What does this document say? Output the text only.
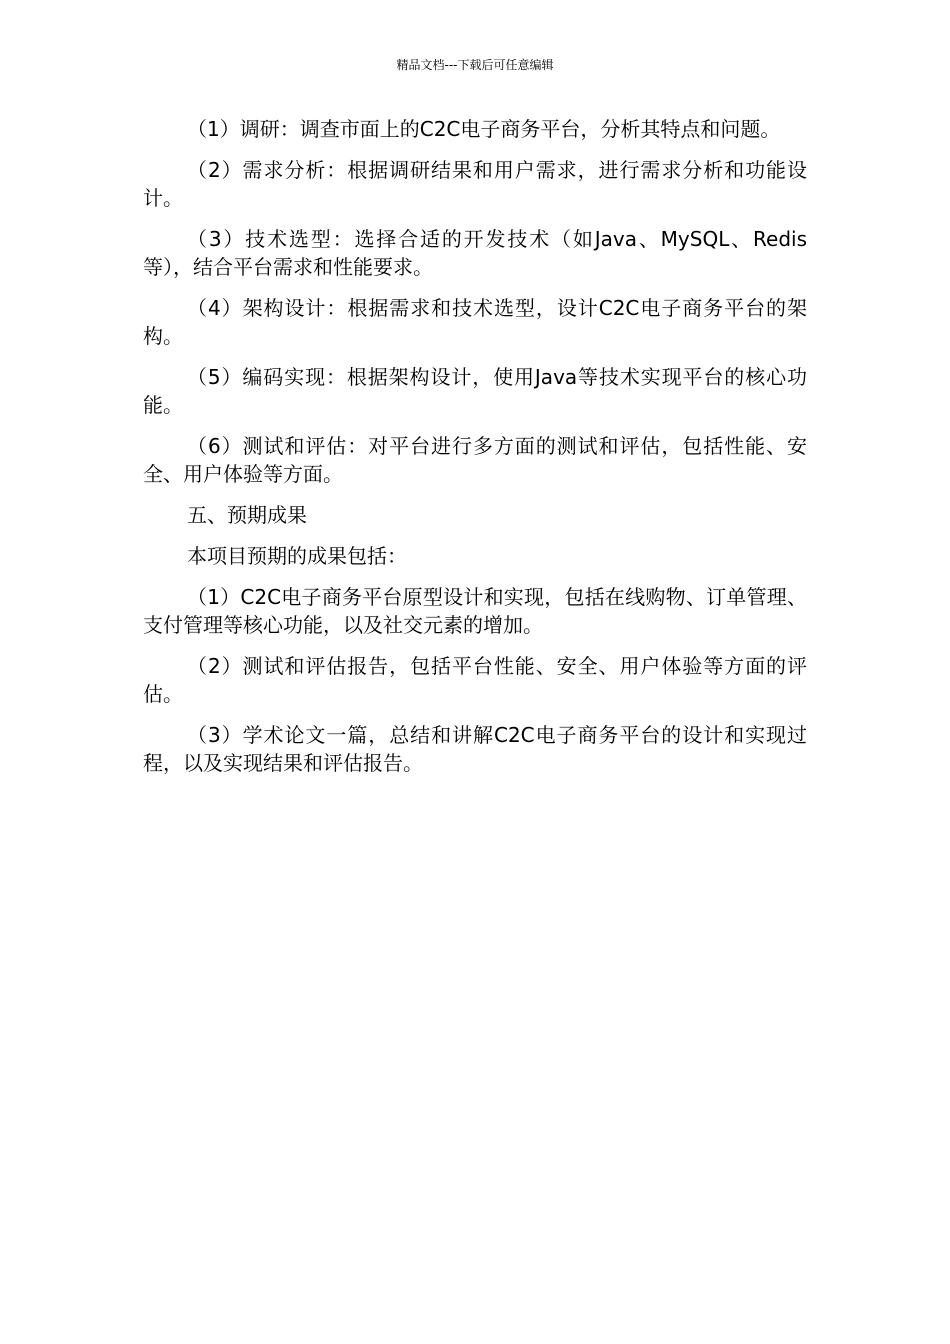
精品文档---下载后可任意编辑

（1）调研：调查市面上的C2C电子商务平台，分析其特点和问题。

（2）需求分析：根据调研结果和用户需求，进行需求分析和功能设计。

（3）技术选型：选择合适的开发技术（如Java、MySQL、Redis等），结合平台需求和性能要求。

（4）架构设计：根据需求和技术选型，设计C2C电子商务平台的架构。

（5）编码实现：根据架构设计，使用Java等技术实现平台的核心功能。

（6）测试和评估：对平台进行多方面的测试和评估，包括性能、安全、用户体验等方面。

五、预期成果

本项目预期的成果包括：

（1）C2C电子商务平台原型设计和实现，包括在线购物、订单管理、支付管理等核心功能，以及社交元素的增加。

（2）测试和评估报告，包括平台性能、安全、用户体验等方面的评估。

（3）学术论文一篇，总结和讲解C2C电子商务平台的设计和实现过程，以及实现结果和评估报告。
